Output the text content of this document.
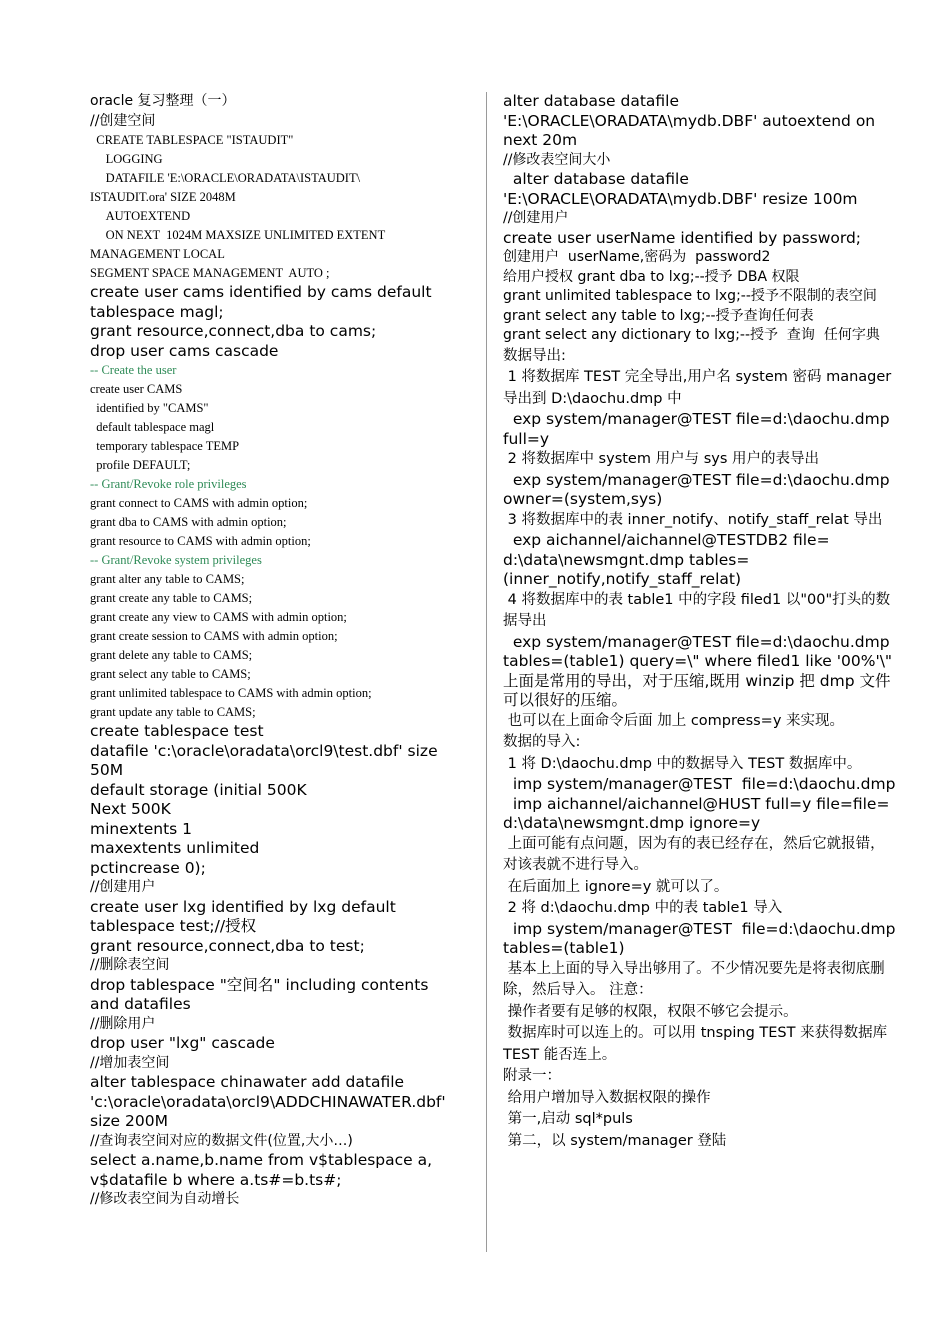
oracle 复习整理（一）
//创建空间
CREATE TABLESPACE "ISTAUDIT"
LOGGING
DATAFILE 'E:\ORACLE\ORADATA\ISTAUDIT\
ISTAUDIT.ora' SIZE 2048M
AUTOEXTEND
ON NEXT  1024M MAXSIZE UNLIMITED EXTENT
MANAGEMENT LOCAL
SEGMENT SPACE MANAGEMENT  AUTO ;
create user cams identified by cams default tablespace magl;
grant resource,connect,dba to cams;
drop user cams cascade
-- Create the user
create user CAMS
identified by "CAMS"
default tablespace magl
temporary tablespace TEMP
profile DEFAULT;
-- Grant/Revoke role privileges
grant connect to CAMS with admin option;
grant dba to CAMS with admin option;
grant resource to CAMS with admin option;
-- Grant/Revoke system privileges
grant alter any table to CAMS;
grant create any table to CAMS;
grant create any view to CAMS with admin option;
grant create session to CAMS with admin option;
grant delete any table to CAMS;
grant select any table to CAMS;
grant unlimited tablespace to CAMS with admin option;
grant update any table to CAMS;
create tablespace test
datafile 'c:\oracle\oradata\orcl9\test.dbf' size 50M
default storage (initial 500K
Next 500K
minextents 1
maxextents unlimited
pctincrease 0);
//创建用户
create user lxg identified by lxg default tablespace test;//授权
grant resource,connect,dba to test;
//删除表空间
drop tablespace "空间名" including contents and datafiles
//删除用户
drop user "lxg" cascade
//增加表空间
alter tablespace chinawater add datafile 'c:\oracle\oradata\orcl9\ADDCHINAWATER.dbf' size 200M
//查询表空间对应的数据文件(位置,大小…)
select a.name,b.name from v$tablespace a, v$datafile b where a.ts#=b.ts#;
//修改表空间为自动增长
alter database datafile 'E:\ORACLE\ORADATA\mydb.DBF' autoextend on next 20m
//修改表空间大小
alter database datafile 'E:\ORACLE\ORADATA\mydb.DBF' resize 100m
//创建用户
create user userName identified by password;
创建用户  userName,密码为  password2
给用户授权 grant dba to lxg;--授予 DBA 权限
grant unlimited tablespace to lxg;--授予不限制的表空间
grant select any table to lxg;--授予查询任何表
grant select any dictionary to lxg;--授予  查询  任何字典
数据导出:
1 将数据库 TEST 完全导出,用户名 system 密码 manager 导出到 D:\daochu.dmp 中
exp system/manager@TEST file=d:\daochu.dmp full=y
2 将数据库中 system 用户与 sys 用户的表导出
exp system/manager@TEST file=d:\daochu.dmp owner=(system,sys)
3 将数据库中的表 inner_notify、notify_staff_relat 导出
exp aichannel/aichannel@TESTDB2 file= d:\data\newsmgnt.dmp tables=(inner_notify,notify_staff_relat)
4 将数据库中的表 table1 中的字段 filed1 以"00"打头的数据导出
exp system/manager@TEST file=d:\daochu.dmp tables=(table1) query=\" where filed1 like '00%'\" 上面是常用的导出，对于压缩,既用 winzip 把 dmp 文件可以很好的压缩。
也可以在上面命令后面 加上 compress=y 来实现。
数据的导入:
1 将 D:\daochu.dmp 中的数据导入 TEST 数据库中。
imp system/manager@TEST  file=d:\daochu.dmp
imp aichannel/aichannel@HUST full=y file=file= d:\data\newsmgnt.dmp ignore=y
上面可能有点问题，因为有的表已经存在，然后它就报错，对该表就不进行导入。
在后面加上 ignore=y 就可以了。
2 将 d:\daochu.dmp 中的表 table1 导入
imp system/manager@TEST  file=d:\daochu.dmp  tables=(table1)
基本上上面的导入导出够用了。不少情况要先是将表彻底删除，然后导入。 注意：
操作者要有足够的权限，权限不够它会提示。
数据库时可以连上的。可以用 tnsping TEST 来获得数据库 TEST 能否连上。
附录一：
给用户增加导入数据权限的操作
第一,启动 sql*puls
第二，以 system/manager 登陆
